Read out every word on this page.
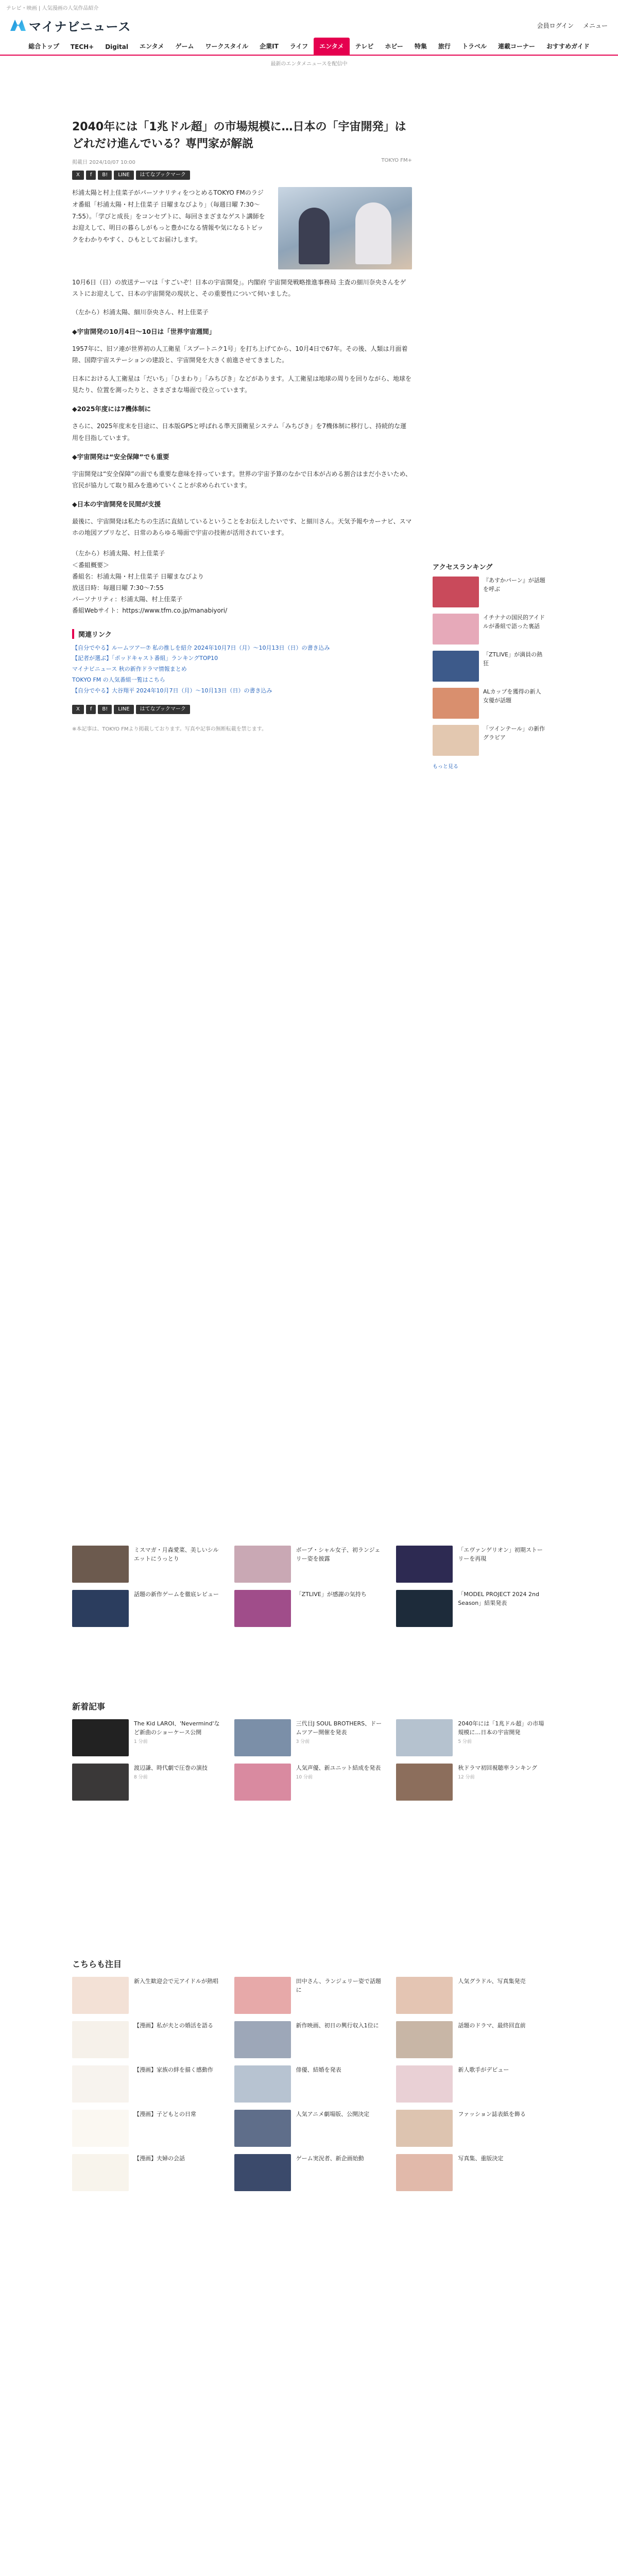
テレビ・映画 | 人気漫画の人気作品紹介
マイナビニュース	会員ログイン メニュー
総合トップ	TECH+	Digital	エンタメ	ゲーム	ワークスタイル	企業IT	ライフ	エンタメ	テレビ	ホビー	特集	旅行	トラベル	連載コーナー	おすすめガイド
最新のエンタメニュースを配信中
2040年には「1兆ドル超」の市場規模に…日本の「宇宙開発」はどれだけ進んでいる？専門家が解説
掲載日 2024/10/07 10:00	TOKYO FM+
X	f	B!	LINE	はてなブックマーク

杉浦太陽と村上佳菜子がパーソナリティをつとめるTOKYO FMのラジオ番組「杉浦太陽・村上佳菜子 日曜まなびより」（毎週日曜 7:30～7:55）。「学びと成長」をコンセプトに、毎回さまざまなゲスト講師をお迎えして、明日の暮らしがもっと豊かになる情報や気になるトピックをわかりやすく、ひもとしてお届けします。

10月6日（日）の放送テーマは「すごいぞ！日本の宇宙開発」。内閣府 宇宙開発戦略推進事務局 主査の細川奈央さんをゲストにお迎えして、日本の宇宙開発の現状と、その重要性について伺いました。

（左から）杉浦太陽、細川奈央さん、村上佳菜子

◆宇宙開発の10月4日～10日は「世界宇宙週間」

1957年に、旧ソ連が世界初の人工衛星「スプートニク1号」を打ち上げてから、10月4日で67年。その後、人類は月面着陸、国際宇宙ステーションの建設と、宇宙開発を大きく前進させてきました。

日本における人工衛星は「だいち」「ひまわり」「みちびき」などがあります。人工衛星は地球の周りを回りながら、地球を見たり、位置を測ったりと、さまざまな場面で役立っています。

◆2025年度には7機体制に

さらに、2025年度末を目途に、日本版GPSと呼ばれる準天頂衛星システム「みちびき」を7機体制に移行し、持続的な運用を目指しています。

◆宇宙開発は“安全保障”でも重要

宇宙開発は“安全保障”の面でも重要な意味を持っています。世界の宇宙予算のなかで日本が占める割合はまだ小さいため、官民が協力して取り組みを進めていくことが求められています。

◆日本の宇宙開発を民間が支援

最後に、宇宙開発は私たちの生活に直結しているということをお伝えしたいです、と細川さん。天気予報やカーナビ、スマホの地図アプリなど、日常のあらゆる場面で宇宙の技術が活用されています。

（左から）杉浦太陽、村上佳菜子
＜番組概要＞
番組名：杉浦太陽・村上佳菜子 日曜まなびより
放送日時：毎週日曜 7:30～7:55
パーソナリティ：杉浦太陽、村上佳菜子
番組Webサイト：https://www.tfm.co.jp/manabiyori/
関連リンク
【自分でやる】ルームツアー⑦ 私の推しを紹介 2024年10月7日（月）～10月13日（日）の書き込み
【記者が選ぶ】「ポッドキャスト番組」ランキングTOP10
マイナビニュース 秋の新作ドラマ情報まとめ
TOKYO FM の人気番組一覧はこちら
【自分でやる】大谷翔平 2024年10月7日（月）～10月13日（日）の書き込み
X	f	B!	LINE	はてなブックマーク

※本記事は、TOKYO FMより掲載しております。写真や記事の無断転載を禁じます。

アクセスランキング
『あすかパーン』が話題を呼ぶ
イチナナの国民的アイドルが番組で語った裏話
「ZTLIVE」が満員の熱狂
ALカップを獲得の新人女優が話題
「ツインテール」の新作グラビア
もっと見る
ミスマガ・月森愛菜、美しいシルエットにうっとり
ボーブ・シャル女子、初ランジェリー姿を披露
「エヴァンゲリオン」初期ストーリーを再現
話題の新作ゲームを徹底レビュー	「ZTLIVE」が感謝の気持ち	「MODEL PROJECT 2024 2nd Season」結果発表
新着記事
The Kid LAROI、'Nevermind'など新曲のショーケース公開
1 分前
三代目J SOUL BROTHERS、ドームツアー開催を発表
3 分前
2040年には「1兆ドル超」の市場規模に…日本の宇宙開発
5 分前
渡辺謙、時代劇で圧巻の演技
8 分前
人気声優、新ユニット結成を発表
10 分前
秋ドラマ初回視聴率ランキング
12 分前
こちらも注目
新入生歓迎会で元アイドルが熱唱	田中さん、ランジェリー姿で話題に
人気グラドル、写真集発売
【漫画】私が夫との婚活を語る	新作映画、初日の興行収入1位に	話題のドラマ、最終回直前
【漫画】家族の絆を描く感動作	俳優、結婚を発表	新人歌手がデビュー
【漫画】子どもとの日常	人気アニメ劇場版、公開決定	ファッション誌表紙を飾る
【漫画】夫婦の会話	ゲーム実況者、新企画始動	写真集、重版決定
